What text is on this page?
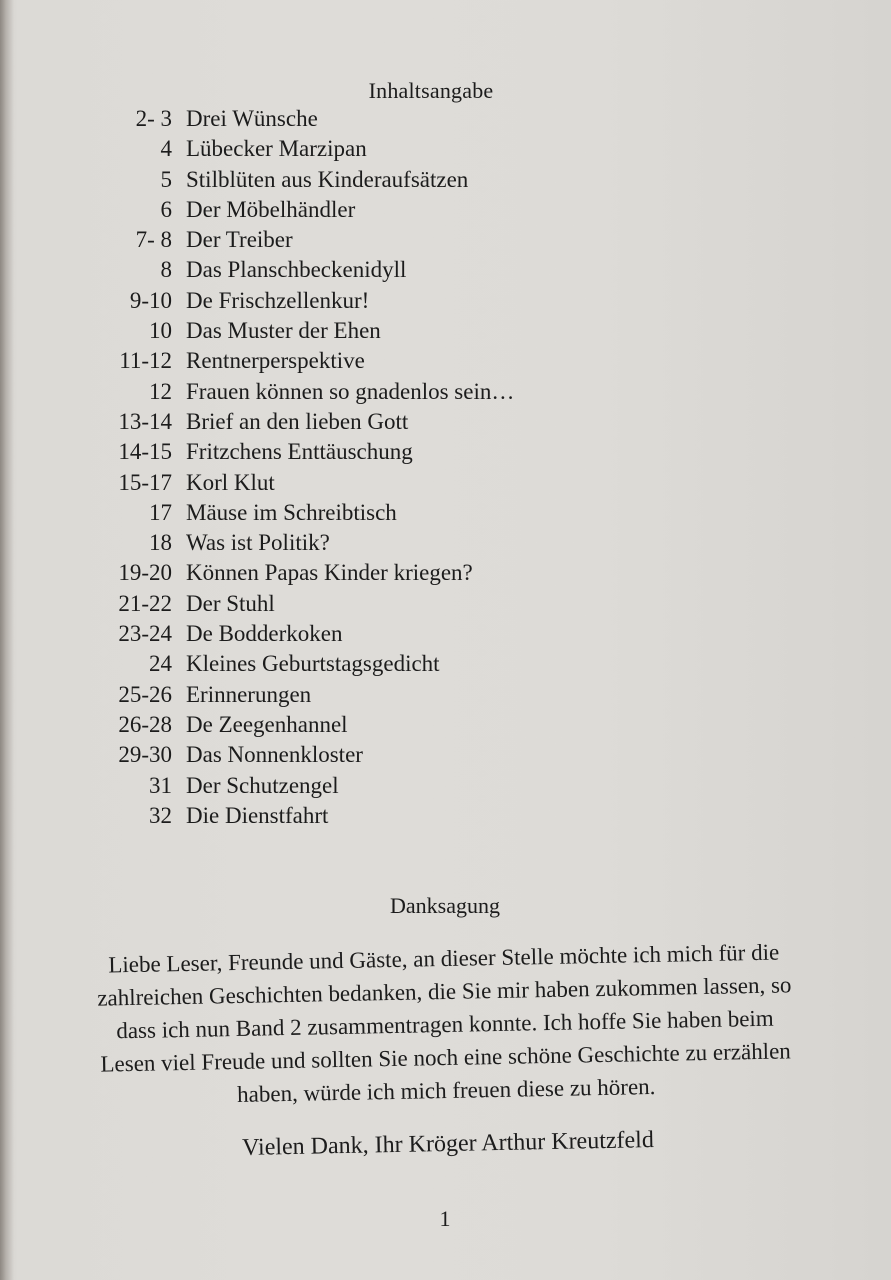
Inhaltsangabe
2- 3 Drei Wünsche
4 Lübecker Marzipan
5 Stilblüten aus Kinderaufsätzen
6 Der Möbelhändler
7- 8 Der Treiber
8 Das Planschbeckenidyll
9-10 De Frischzellenkur!
10 Das Muster der Ehen
11-12 Rentnerperspektive
12 Frauen können so gnadenlos sein…
13-14 Brief an den lieben Gott
14-15 Fritzchens Enttäuschung
15-17 Korl Klut
17 Mäuse im Schreibtisch
18 Was ist Politik?
19-20 Können Papas Kinder kriegen?
21-22 Der Stuhl
23-24 De Bodderkoken
24 Kleines Geburtstagsgedicht
25-26 Erinnerungen
26-28 De Zeegenhannel
29-30 Das Nonnenkloster
31 Der Schutzengel
32 Die Dienstfahrt
Danksagung
Liebe Leser, Freunde und Gäste, an dieser Stelle möchte ich mich für die
zahlreichen Geschichten bedanken, die Sie mir haben zukommen lassen, so
dass ich nun Band 2 zusammentragen konnte. Ich hoffe Sie haben beim
Lesen viel Freude und sollten Sie noch eine schöne Geschichte zu erzählen
haben, würde ich mich freuen diese zu hören.
Vielen Dank, Ihr Kröger Arthur Kreutzfeld
1
